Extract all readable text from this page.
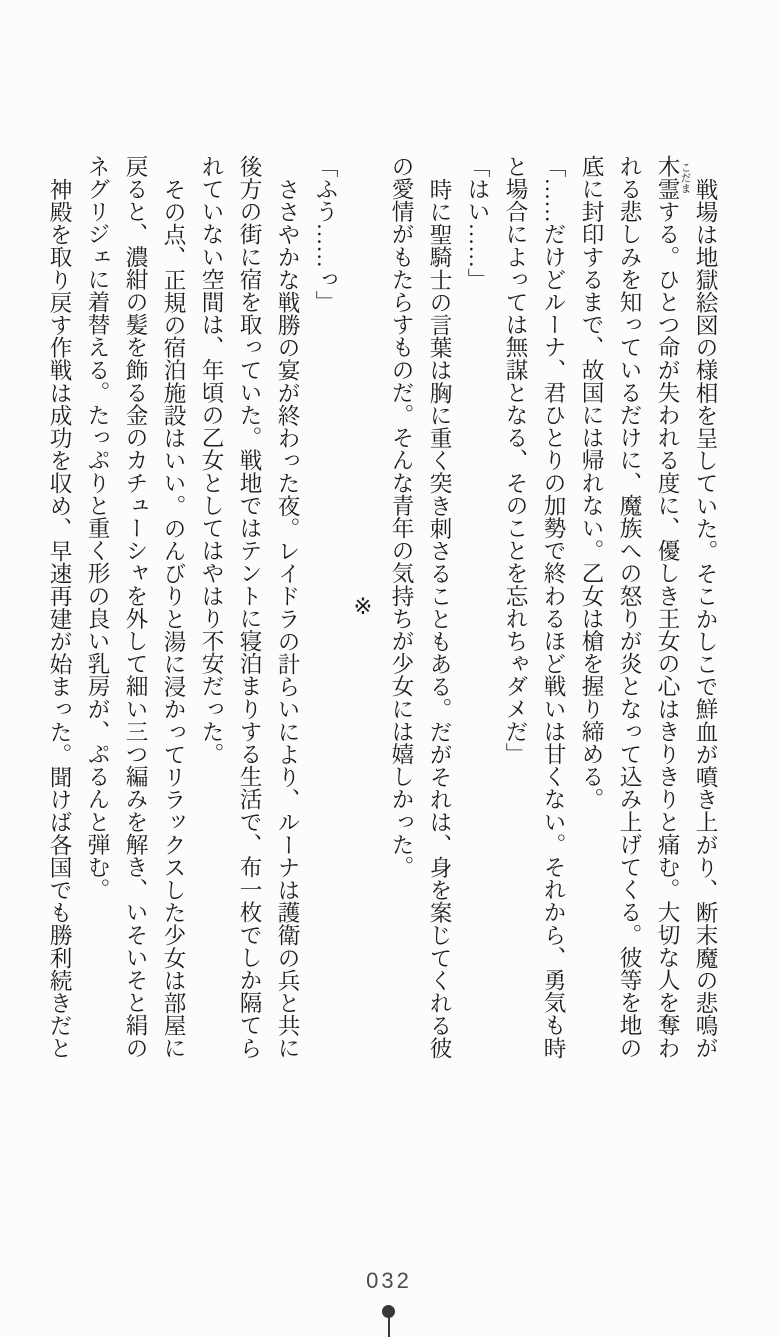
戦場は地獄絵図の様相を呈していた。そこかしこで鮮血が噴き上がり、断末魔の悲鳴が木霊 こだまする。ひとつ命が失われる度に、優しき王女の心はきりきりと痛む。大切な人を奪われる悲しみを知っているだけに、魔族への怒りが炎となって込み上げてくる。彼等を地の底に封印するまで、故国には帰れない。乙女は槍を握り締める。

「……だけどルーナ、君ひとりの加勢で終わるほど戦いは甘くない。それから、勇気も時と場合によっては無謀となる、そのことを忘れちゃダメだ」

「はい……」

時に聖騎士の言葉は胸に重く突き刺さることもある。だがそれは、身を案じてくれる彼の愛情がもたらすものだ。そんな青年の気持ちが少女には嬉しかった。

※

「ふう……っ」

ささやかな戦勝の宴が終わった夜。レイドラの計らいにより、ルーナは護衛の兵と共に後方の街に宿を取っていた。戦地ではテントに寝泊まりする生活で、布一枚でしか隔てられていない空間は、年頃の乙女としてはやはり不安だった。

その点、正規の宿泊施設はいい。のんびりと湯に浸かってリラックスした少女は部屋に戻ると、濃紺の髪を飾る金のカチューシャを外して細い三つ編みを解き、いそいそと絹のネグリジェに着替える。たっぷりと重く形の良い乳房が、ぷるんと弾む。

神殿を取り戻す作戦は成功を収め、早速再建が始まった。聞けば各国でも勝利続きだと

032
